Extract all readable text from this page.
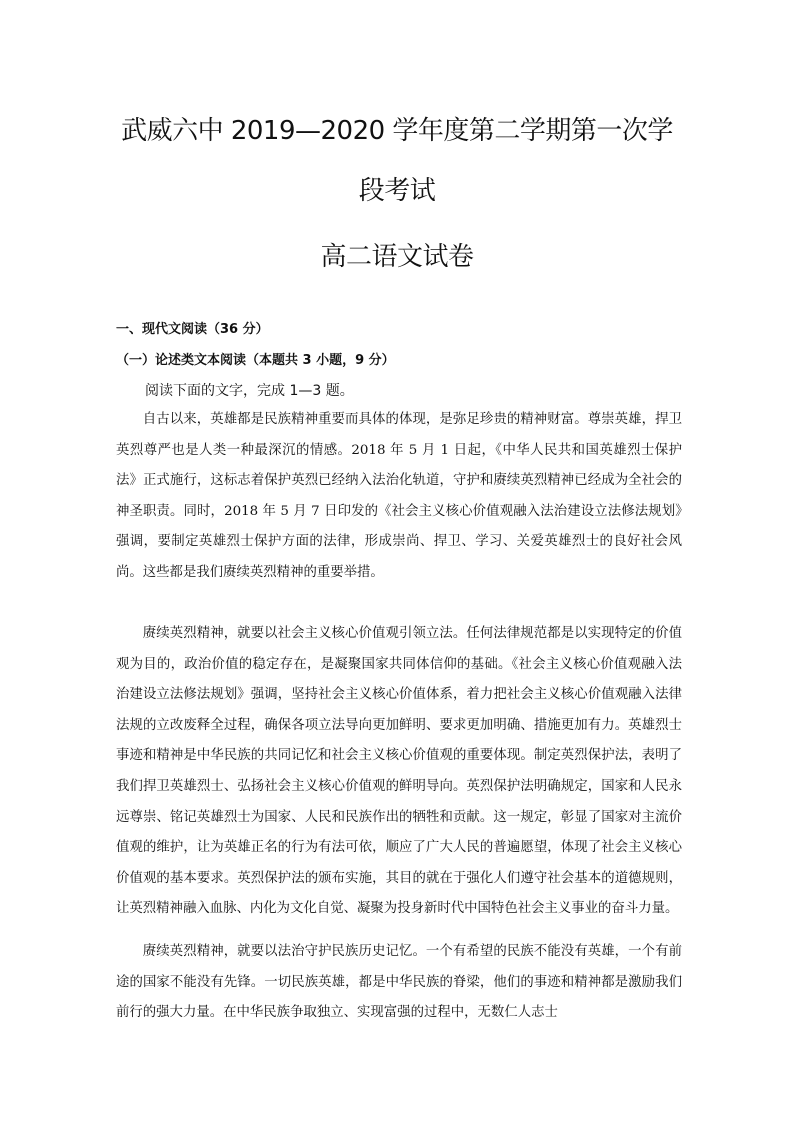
武威六中 2019—2020 学年度第二学期第一次学
段考试
高二语文试卷
一、现代文阅读（36 分）
（一）论述类文本阅读（本题共 3 小题，9 分）
阅读下面的文字，完成 1—3 题。

自古以来，英雄都是民族精神重要而具体的体现，是弥足珍贵的精神财富。尊崇英雄，捍卫英烈尊严也是人类一种最深沉的情感。2018 年 5 月 1 日起，《中华人民共和国英雄烈士保护法》正式施行，这标志着保护英烈已经纳入法治化轨道，守护和赓续英烈精神已经成为全社会的神圣职责。同时，2018 年 5 月 7 日印发的《社会主义核心价值观融入法治建设立法修法规划》强调，要制定英雄烈士保护方面的法律，形成崇尚、捍卫、学习、关爱英雄烈士的良好社会风尚。这些都是我们赓续英烈精神的重要举措。

赓续英烈精神，就要以社会主义核心价值观引领立法。任何法律规范都是以实现特定的价值观为目的，政治价值的稳定存在，是凝聚国家共同体信仰的基础。《社会主义核心价值观融入法治建设立法修法规划》强调，坚持社会主义核心价值体系，着力把社会主义核心价值观融入法律法规的立改废释全过程，确保各项立法导向更加鲜明、要求更加明确、措施更加有力。英雄烈士事迹和精神是中华民族的共同记忆和社会主义核心价值观的重要体现。制定英烈保护法，表明了我们捍卫英雄烈士、弘扬社会主义核心价值观的鲜明导向。英烈保护法明确规定，国家和人民永远尊崇、铭记英雄烈士为国家、人民和民族作出的牺牲和贡献。这一规定，彰显了国家对主流价值观的维护，让为英雄正名的行为有法可依，顺应了广大人民的普遍愿望，体现了社会主义核心价值观的基本要求。英烈保护法的颁布实施，其目的就在于强化人们遵守社会基本的道德规则，让英烈精神融入血脉、内化为文化自觉、凝聚为投身新时代中国特色社会主义事业的奋斗力量。

赓续英烈精神，就要以法治守护民族历史记忆。一个有希望的民族不能没有英雄，一个有前途的国家不能没有先锋。一切民族英雄，都是中华民族的脊梁，他们的事迹和精神都是激励我们前行的强大力量。在中华民族争取独立、实现富强的过程中，无数仁人志士
